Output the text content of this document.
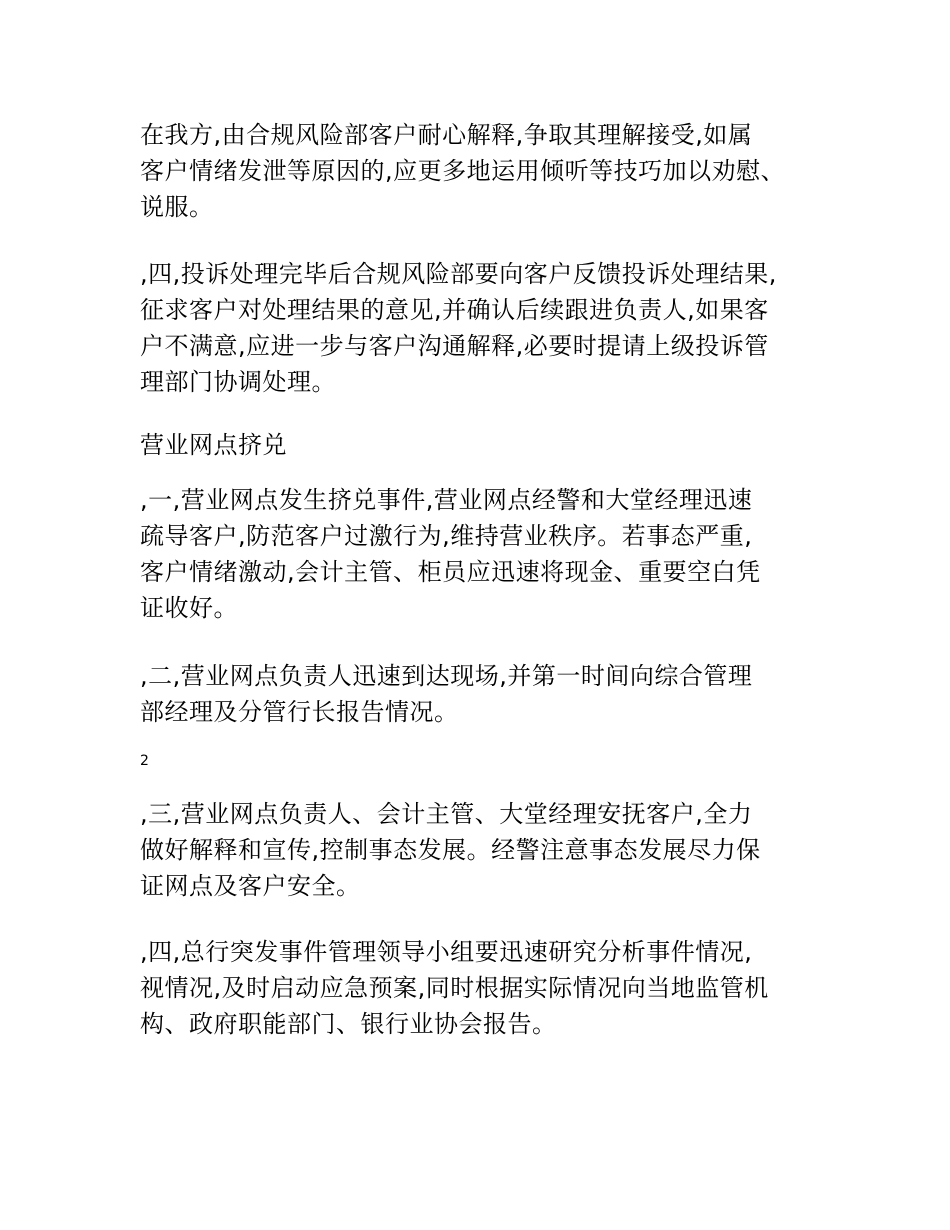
在我方,由合规风险部客户耐心解释,争取其理解接受,如属
客户情绪发泄等原因的,应更多地运用倾听等技巧加以劝慰、
说服。
,四,投诉处理完毕后合规风险部要向客户反馈投诉处理结果,
征求客户对处理结果的意见,并确认后续跟进负责人,如果客
户不满意,应进一步与客户沟通解释,必要时提请上级投诉管
理部门协调处理。
营业网点挤兑
,一,营业网点发生挤兑事件,营业网点经警和大堂经理迅速
疏导客户,防范客户过激行为,维持营业秩序。若事态严重,
客户情绪激动,会计主管、柜员应迅速将现金、重要空白凭
证收好。
,二,营业网点负责人迅速到达现场,并第一时间向综合管理
部经理及分管行长报告情况。
2
,三,营业网点负责人、会计主管、大堂经理安抚客户,全力
做好解释和宣传,控制事态发展。经警注意事态发展尽力保
证网点及客户安全。
,四,总行突发事件管理领导小组要迅速研究分析事件情况,
视情况,及时启动应急预案,同时根据实际情况向当地监管机
构、政府职能部门、银行业协会报告。
